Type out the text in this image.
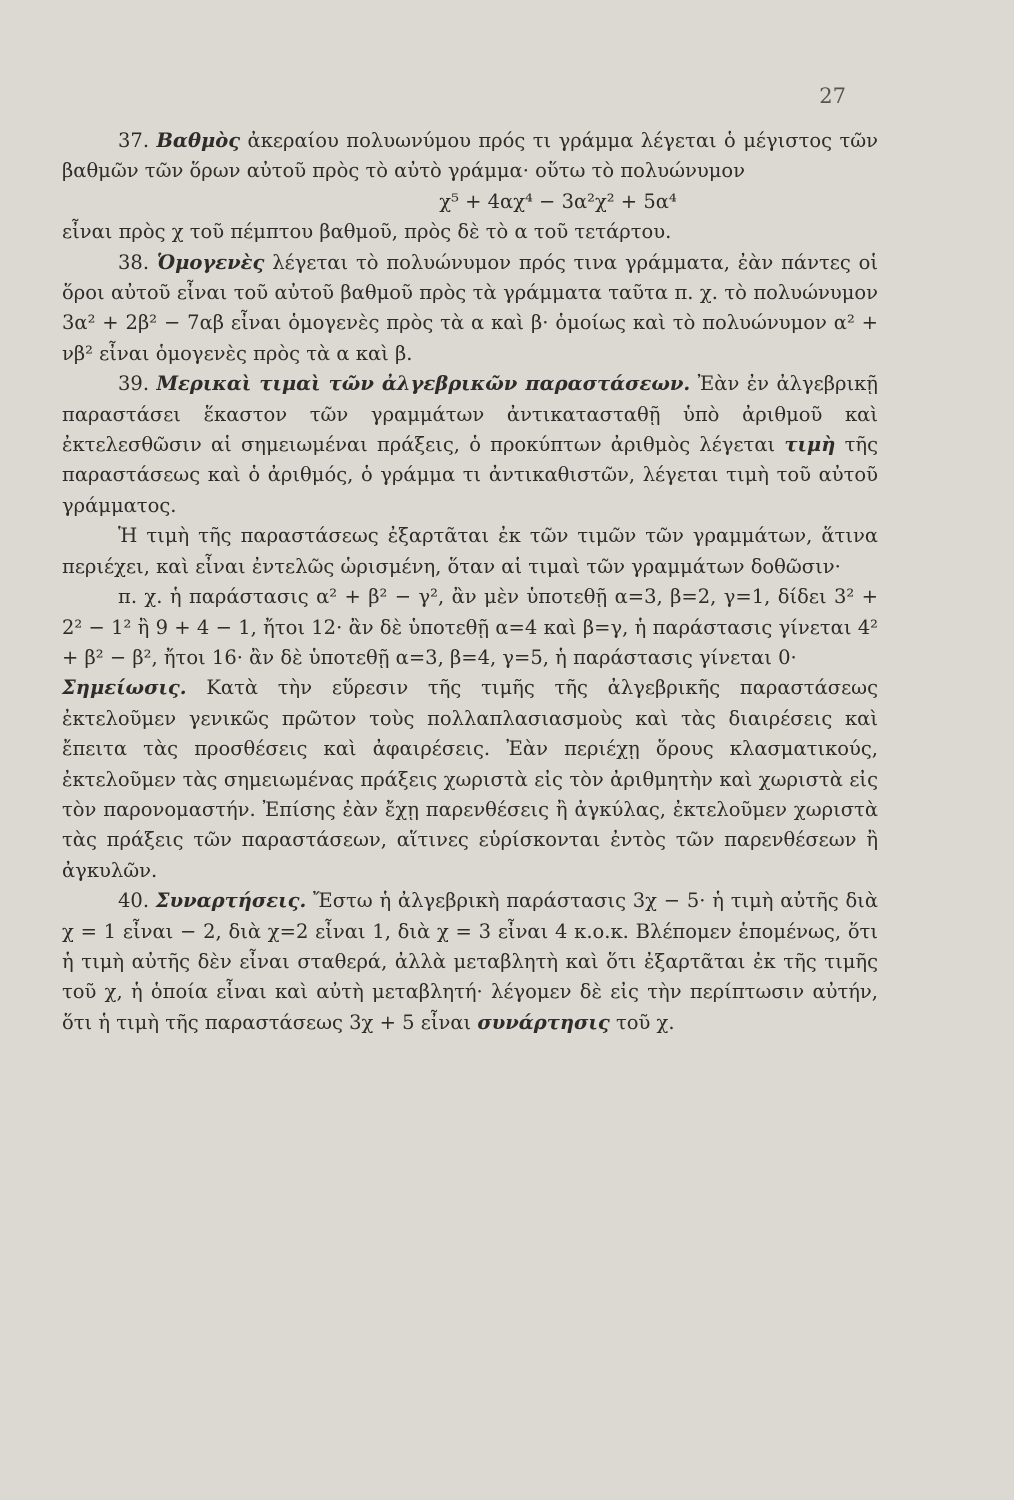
27

37. Βαθμὸς ἀκεραίου πολυωνύμου πρός τι γράμμα λέγεται ὁ μέγιστος τῶν βαθμῶν τῶν ὅρων αὐτοῦ πρὸς τὸ αὐτὸ γράμμα· οὕτω τὸ πολυώνυμον

χ⁵ + 4αχ⁴ − 3α²χ² + 5α⁴

εἶναι πρὸς χ τοῦ πέμπτου βαθμοῦ, πρὸς δὲ τὸ α τοῦ τετάρτου.

38. Ὁμογενὲς λέγεται τὸ πολυώνυμον πρός τινα γράμματα, ἐὰν πάντες οἱ ὅροι αὐτοῦ εἶναι τοῦ αὐτοῦ βαθμοῦ πρὸς τὰ γράμματα ταῦτα π. χ. τὸ πολυώνυμον 3α² + 2β² − 7αβ εἶναι ὁμογενὲς πρὸς τὰ α καὶ β· ὁμοίως καὶ τὸ πολυώνυμον α² + νβ² εἶναι ὁμογενὲς πρὸς τὰ α καὶ β.

39. Μερικαὶ τιμαὶ τῶν ἀλγεβρικῶν παραστάσεων. Ἐὰν ἐν ἀλγεβρικῇ παραστάσει ἕκαστον τῶν γραμμάτων ἀντικατασταθῇ ὑπὸ ἀριθμοῦ καὶ ἐκτελεσθῶσιν αἱ σημειωμέναι πράξεις, ὁ προκύπτων ἀριθμὸς λέγεται τιμὴ τῆς παραστάσεως καὶ ὁ ἀριθμός, ὁ γράμμα τι ἀντικαθιστῶν, λέγεται τιμὴ τοῦ αὐτοῦ γράμματος.

Ἡ τιμὴ τῆς παραστάσεως ἐξαρτᾶται ἐκ τῶν τιμῶν τῶν γραμμάτων, ἅτινα περιέχει, καὶ εἶναι ἐντελῶς ὡρισμένη, ὅταν αἱ τιμαὶ τῶν γραμμάτων δοθῶσιν·

π. χ. ἡ παράστασις α² + β² − γ², ἂν μὲν ὑποτεθῇ α=3, β=2, γ=1, δίδει 3² + 2² − 1² ἢ 9 + 4 − 1, ἤτοι 12· ἂν δὲ ὑποτεθῇ α=4 καὶ β=γ, ἡ παράστασις γίνεται 4² + β² − β², ἤτοι 16· ἂν δὲ ὑποτεθῇ α=3, β=4, γ=5, ἡ παράστασις γίνεται 0·

Σημείωσις. Κατὰ τὴν εὕρεσιν τῆς τιμῆς τῆς ἀλγεβρικῆς παραστάσεως ἐκτελοῦμεν γενικῶς πρῶτον τοὺς πολλαπλασιασμοὺς καὶ τὰς διαιρέσεις καὶ ἔπειτα τὰς προσθέσεις καὶ ἀφαιρέσεις. Ἐὰν περιέχῃ ὅρους κλασματικούς, ἐκτελοῦμεν τὰς σημειωμένας πράξεις χωριστὰ εἰς τὸν ἀριθμητὴν καὶ χωριστὰ εἰς τὸν παρονομαστήν. Ἐπίσης ἐὰν ἔχῃ παρενθέσεις ἢ ἀγκύλας, ἐκτελοῦμεν χωριστὰ τὰς πράξεις τῶν παραστάσεων, αἵτινες εὑρίσκονται ἐντὸς τῶν παρενθέσεων ἢ ἀγκυλῶν.

40. Συναρτήσεις. Ἔστω ἡ ἀλγεβρικὴ παράστασις 3χ − 5· ἡ τιμὴ αὐτῆς διὰ χ = 1 εἶναι − 2, διὰ χ=2 εἶναι 1, διὰ χ = 3 εἶναι 4 κ.ο.κ. Βλέπομεν ἑπομένως, ὅτι ἡ τιμὴ αὐτῆς δὲν εἶναι σταθερά, ἀλλὰ μεταβλητὴ καὶ ὅτι ἐξαρτᾶται ἐκ τῆς τιμῆς τοῦ χ, ἡ ὁποία εἶναι καὶ αὐτὴ μεταβλητή· λέγομεν δὲ εἰς τὴν περίπτωσιν αὐτήν, ὅτι ἡ τιμὴ τῆς παραστάσεως 3χ + 5 εἶναι συνάρτησις τοῦ χ.
